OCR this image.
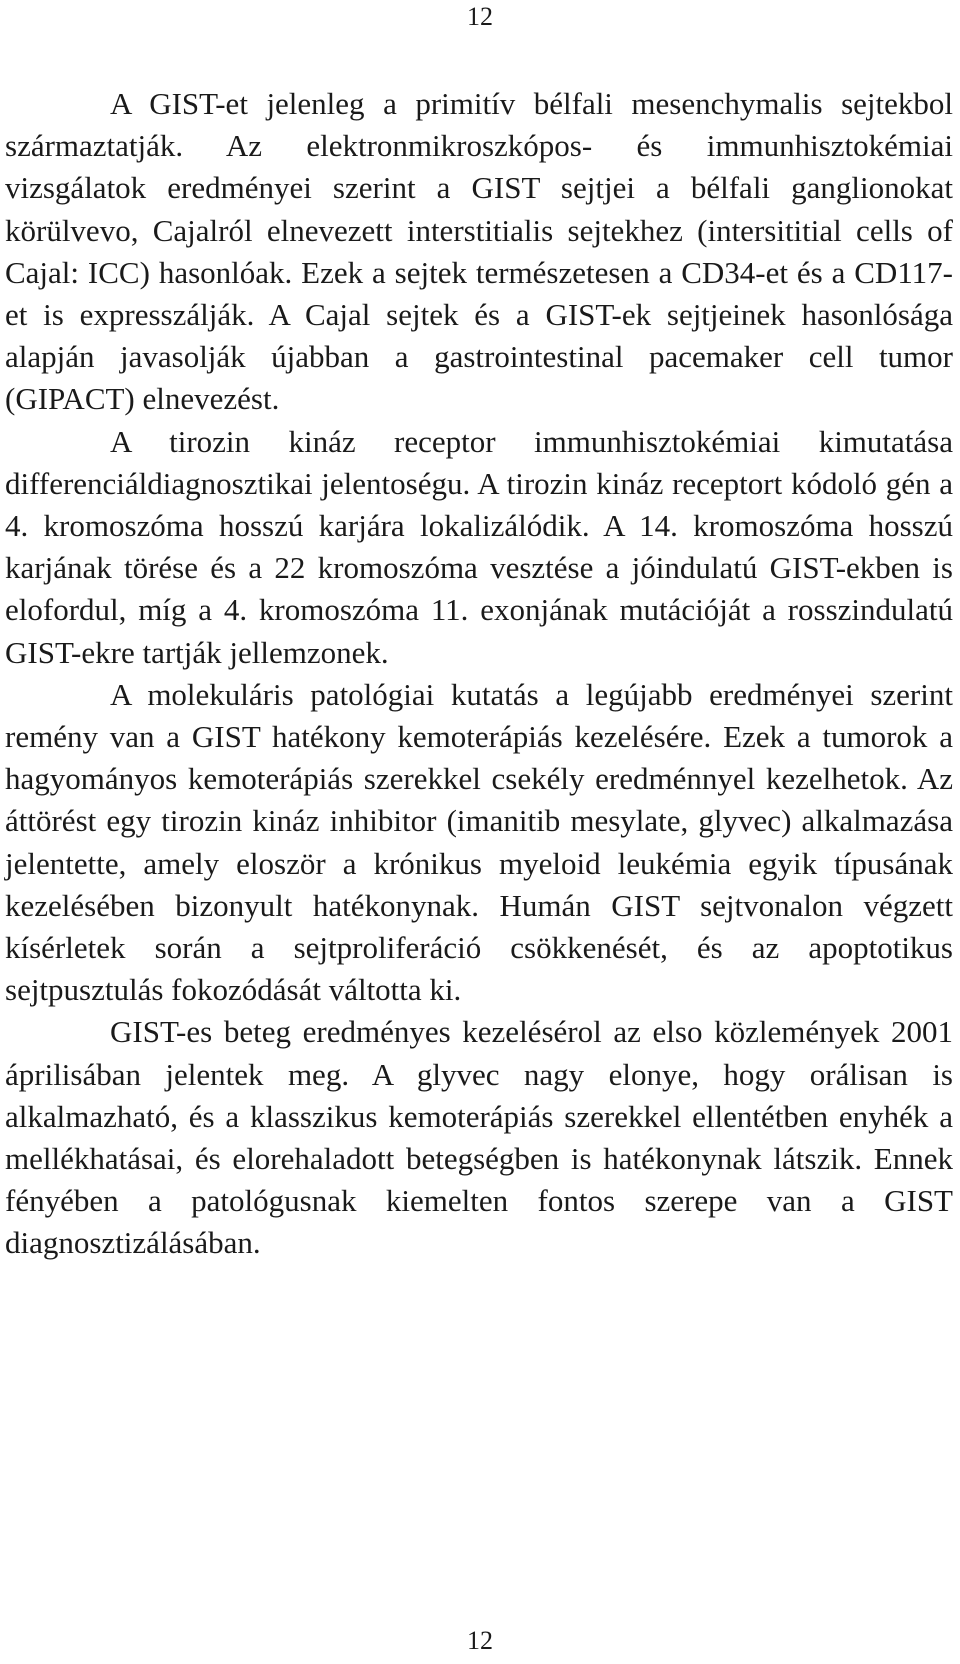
12

A GIST-et jelenleg a primitív bélfali mesenchymalis sejtekbol származtatják. Az elektronmikroszkópos- és immunhisztokémiai vizsgálatok eredményei szerint a GIST sejtjei a bélfali ganglionokat körülvevo, Cajalról elnevezett interstitialis sejtekhez (intersititial cells of Cajal: ICC) hasonlóak. Ezek a sejtek természetesen a CD34-et és a CD117-et is expresszálják. A Cajal sejtek és a GIST-ek sejtjeinek hasonlósága alapján javasolják újabban a gastrointestinal pacemaker cell tumor (GIPACT) elnevezést.

A tirozin kináz receptor immunhisztokémiai kimutatása differenciáldiagnosztikai jelentoségu. A tirozin kináz receptort kódoló gén a 4. kromoszóma hosszú karjára lokalizálódik. A 14. kromoszóma hosszú karjának törése és a 22 kromoszóma vesztése a jóindulatú GIST-ekben is elofordul, míg a 4. kromoszóma 11. exonjának mutációját a rosszindulatú GIST-ekre tartják jellemzonek.

A molekuláris patológiai kutatás a legújabb eredményei szerint remény van a GIST hatékony kemoterápiás kezelésére. Ezek a tumorok a hagyományos kemoterápiás szerekkel csekély eredménnyel kezelhetok. Az áttörést egy tirozin kináz inhibitor (imanitib mesylate, glyvec) alkalmazása jelentette, amely eloször a krónikus myeloid leukémia egyik típusának kezelésében bizonyult hatékonynak. Humán GIST sejtvonalon végzett kísérletek során a sejtproliferáció csökkenését, és az apoptotikus sejtpusztulás fokozódását váltotta ki.

GIST-es beteg eredményes kezelésérol az elso közlemények 2001 áprilisában jelentek meg. A glyvec nagy elonye, hogy orálisan is alkalmazható, és a klasszikus kemoterápiás szerekkel ellentétben enyhék a mellékhatásai, és elorehaladott betegségben is hatékonynak látszik. Ennek fényében a patológusnak kiemelten fontos szerepe van a GIST diagnosztizálásában.

12
